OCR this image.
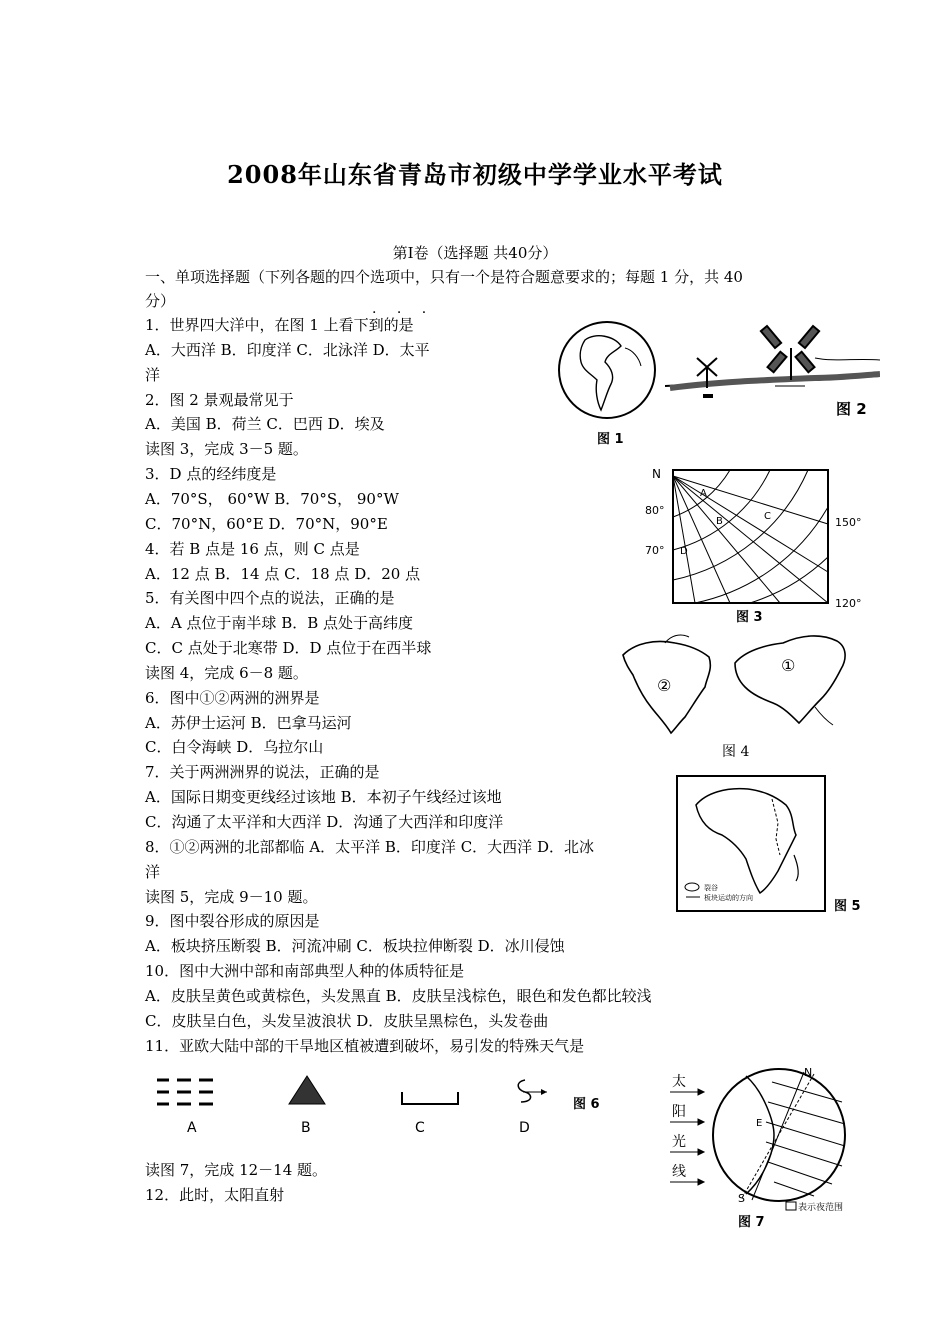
2008年山东省青岛市初级中学学业水平考试
第I卷（选择题 共40分）
一、单项选择题（下列各题的四个选项中，只有一个是符合题意要求的；每题 1 分，共 40
分）
· · ·
1．世界四大洋中，在图 1 上看下到的是
A．大西洋 B．印度洋 C．北泳洋 D．太平
洋
2．图 2 景观最常见于
A．美国 B．荷兰 C．巴西 D．埃及
读图 3，完成 3－5 题。
3．D 点的经纬度是
A．70°S， 60°W B．70°S， 90°W
C．70°N，60°E D．70°N，90°E
4．若 B 点是 16 点，则 C 点是
A．12 点 B．14 点 C．18 点 D．20 点
5．有关图中四个点的说法，正确的是
A．A 点位于南半球 B．B 点处于高纬度
C．C 点处于北寒带 D．D 点位于在西半球
读图 4，完成 6－8 题。
6．图中①②两洲的洲界是
A．苏伊士运河 B．巴拿马运河
C．白令海峡 D．乌拉尔山
7．关于两洲洲界的说法，正确的是
A．国际日期变更线经过该地 B．本初子午线经过该地
C．沟通了太平洋和大西洋 D．沟通了大西洋和印度洋
8．①②两洲的北部都临 A．太平洋 B．印度洋 C．大西洋 D．北冰
洋
读图 5，完成 9－10 题。
9．图中裂谷形成的原因是
A．板块挤压断裂 B．河流冲刷 C．板块拉伸断裂 D．冰川侵蚀
10．图中大洲中部和南部典型人种的体质特征是
A．皮肤呈黄色或黄棕色，头发黑直 B．皮肤呈浅棕色，眼色和发色都比较浅
C．皮肤呈白色，头发呈波浪状 D．皮肤呈黑棕色，头发卷曲
11．亚欧大陆中部的干旱地区植被遭到破坏，易引发的特殊天气是
读图 7，完成 12－14 题。
12．此时，太阳直射
图 1
图 2
N
80°
70°
150°
120°
A
B	C
D
图 3
②
①
图 4
裂谷
板块运动的方向
图 5
A	B	C	D
图 6
太
阳
光
线
N
S
E
表示夜范围
图 7
